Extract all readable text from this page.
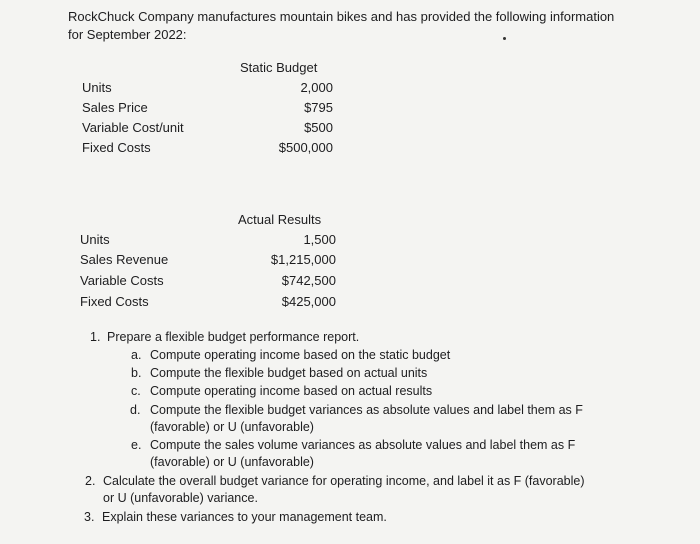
RockChuck Company manufactures mountain bikes and has provided the following information
for September 2022:
Static Budget
Units	2,000
Sales Price	$795
Variable Cost/unit	$500
Fixed Costs	$500,000
Actual Results
Units	1,500
Sales Revenue	$1,215,000
Variable Costs	$742,500
Fixed Costs	$425,000
1. Prepare a flexible budget performance report.
a. Compute operating income based on the static budget
b. Compute the flexible budget based on actual units
c. Compute operating income based on actual results
d. Compute the flexible budget variances as absolute values and label them as F
(favorable) or U (unfavorable)
e. Compute the sales volume variances as absolute values and label them as F
(favorable) or U (unfavorable)
2. Calculate the overall budget variance for operating income, and label it as F (favorable)
or U (unfavorable) variance.
3. Explain these variances to your management team.
